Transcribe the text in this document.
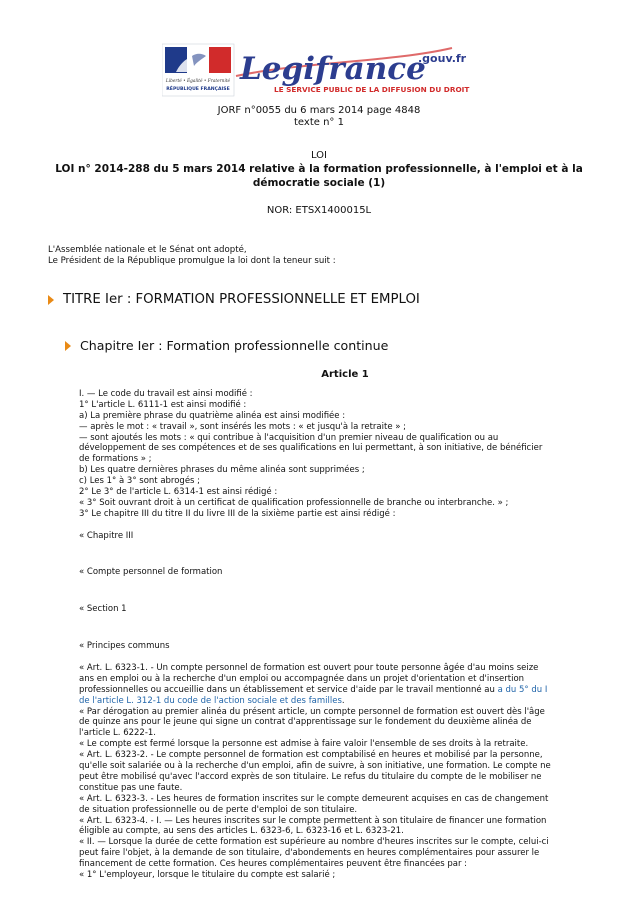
Liberté • Égalité • Fraternité
RÉPUBLIQUE FRANÇAISE
Legifrance
.gouv.fr
LE SERVICE PUBLIC DE LA DIFFUSION DU DROIT
JORF n°0055 du 6 mars 2014 page 4848
texte n° 1
LOI
LOI n° 2014-288 du 5 mars 2014 relative à la formation professionnelle, à l'emploi et à la démocratie sociale (1)
NOR: ETSX1400015L
L'Assemblée nationale et le Sénat ont adopté,
Le Président de la République promulgue la loi dont la teneur suit :
TITRE Ier : FORMATION PROFESSIONNELLE ET EMPLOI
Chapitre Ier : Formation professionnelle continue
Article 1
I. — Le code du travail est ainsi modifié :
1° L'article L. 6111-1 est ainsi modifié :
a) La première phrase du quatrième alinéa est ainsi modifiée :
— après le mot : « travail », sont insérés les mots : « et jusqu'à la retraite » ;
— sont ajoutés les mots : « qui contribue à l'acquisition d'un premier niveau de qualification ou au
développement de ses compétences et de ses qualifications en lui permettant, à son initiative, de bénéficier
de formations » ;
b) Les quatre dernières phrases du même alinéa sont supprimées ;
c) Les 1° à 3° sont abrogés ;
2° Le 3° de l'article L. 6314-1 est ainsi rédigé :
« 3° Soit ouvrant droit à un certificat de qualification professionnelle de branche ou interbranche. » ;
3° Le chapitre III du titre II du livre III de la sixième partie est ainsi rédigé :
« Chapitre III
« Compte personnel de formation
« Section 1
« Principes communs
« Art. L. 6323-1. - Un compte personnel de formation est ouvert pour toute personne âgée d'au moins seize
ans en emploi ou à la recherche d'un emploi ou accompagnée dans un projet d'orientation et d'insertion
professionnelles ou accueillie dans un établissement et service d'aide par le travail mentionné au a du 5° du I
de l'article L. 312-1 du code de l'action sociale et des familles.
« Par dérogation au premier alinéa du présent article, un compte personnel de formation est ouvert dès l'âge
de quinze ans pour le jeune qui signe un contrat d'apprentissage sur le fondement du deuxième alinéa de
l'article L. 6222-1.
« Le compte est fermé lorsque la personne est admise à faire valoir l'ensemble de ses droits à la retraite.
« Art. L. 6323-2. - Le compte personnel de formation est comptabilisé en heures et mobilisé par la personne,
qu'elle soit salariée ou à la recherche d'un emploi, afin de suivre, à son initiative, une formation. Le compte ne
peut être mobilisé qu'avec l'accord exprès de son titulaire. Le refus du titulaire du compte de le mobiliser ne
constitue pas une faute.
« Art. L. 6323-3. - Les heures de formation inscrites sur le compte demeurent acquises en cas de changement
de situation professionnelle ou de perte d'emploi de son titulaire.
« Art. L. 6323-4. - I. — Les heures inscrites sur le compte permettent à son titulaire de financer une formation
éligible au compte, au sens des articles L. 6323-6, L. 6323-16 et L. 6323-21.
« II. — Lorsque la durée de cette formation est supérieure au nombre d'heures inscrites sur le compte, celui-ci
peut faire l'objet, à la demande de son titulaire, d'abondements en heures complémentaires pour assurer le
financement de cette formation. Ces heures complémentaires peuvent être financées par :
« 1° L'employeur, lorsque le titulaire du compte est salarié ;
